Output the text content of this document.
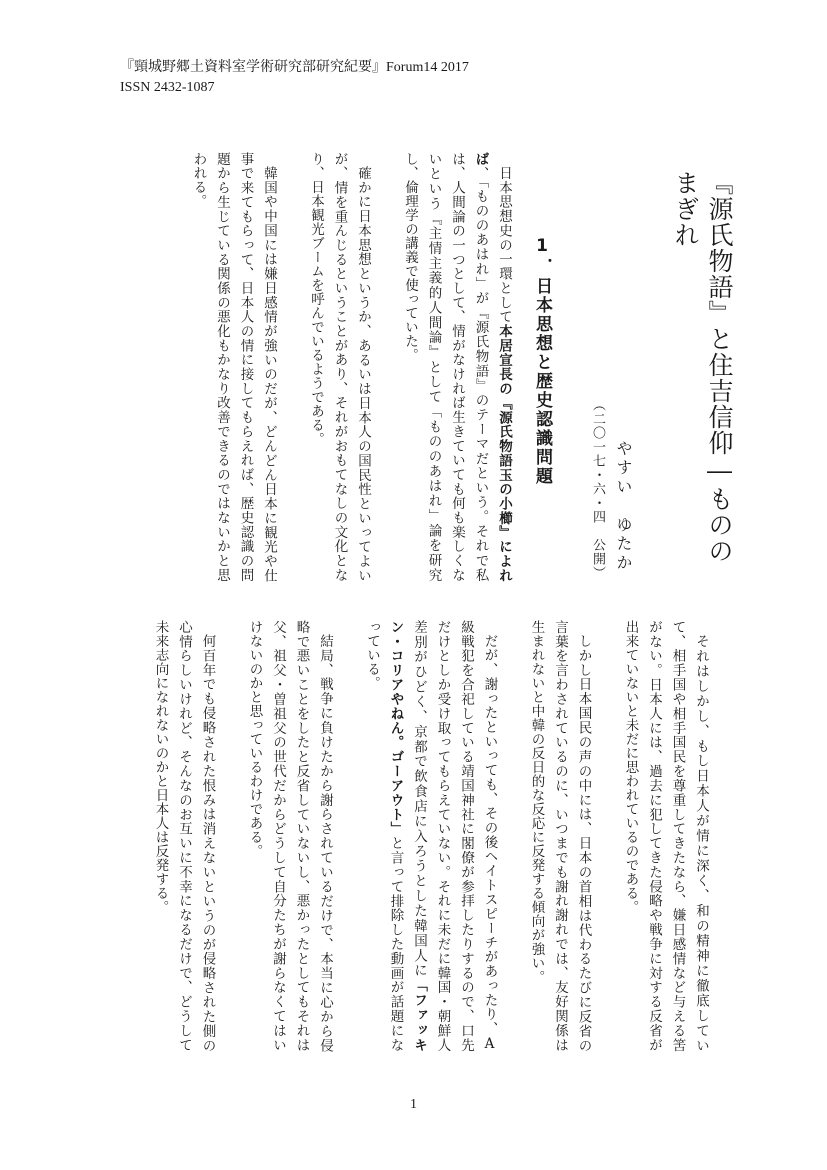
『頸城野郷土資料室学術研究部研究紀要』Forum14 2017
ISSN 2432-1087
『源氏物語』と住吉信仰―もののまぎれ
やすい　ゆたか
（二〇一七・六・四　公開）
1．日本思想と歴史認識問題

日本思想史の一環として本居宣長の『源氏物語玉の小櫛』によれば、「もののあはれ」が『源氏物語』のテーマだという。それで私は、人間論の一つとして、情がなければ生きていても何も楽しくないという『主情主義的人間論』として「もののあはれ」論を研究し、倫理学の講義で使っていた。

確かに日本思想というか、あるいは日本人の国民性といってよいが、情を重んじるということがあり、それがおもてなしの文化となり、日本観光ブームを呼んでいるようである。

韓国や中国には嫌日感情が強いのだが、どんどん日本に観光や仕事で来てもらって、日本人の情に接してもらえれば、歴史認識の問題から生じている関係の悪化もかなり改善できるのではないかと思われる。

それはしかし、もし日本人が情に深く、和の精神に徹底していて、相手国や相手国民を尊重してきたなら、嫌日感情など与える筈がない。日本人には、過去に犯してきた侵略や戦争に対する反省が出来ていないと未だに思われているのである。

しかし日本国民の声の中には、日本の首相は代わるたびに反省の言葉を言わされているのに、いつまでも謝れ謝れでは、友好関係は生まれないと中韓の反日的な反応に反発する傾向が強い。

だが、謝ったといっても、その後ヘイトスピーチがあったり、A級戦犯を合祀している靖国神社に閣僚が参拝したりするので、口先だけとしか受け取ってもらえていない。それに未だに韓国・朝鮮人差別がひどく、京都で飲食店に入ろうとした韓国人に「ファッキン・コリアやねん。ゴーアウト」と言って排除した動画が話題になっている。

結局、戦争に負けたから謝らされているだけで、本当に心から侵略で悪いことをしたと反省していないし、悪かったとしてもそれは父、祖父・曽祖父の世代だからどうして自分たちが謝らなくてはいけないのかと思っているわけである。

何百年でも侵略された恨みは消えないというのが侵略された側の心情らしいけれど、そんなのお互いに不幸になるだけで、どうして未来志向になれないのかと日本人は反発する。

1
